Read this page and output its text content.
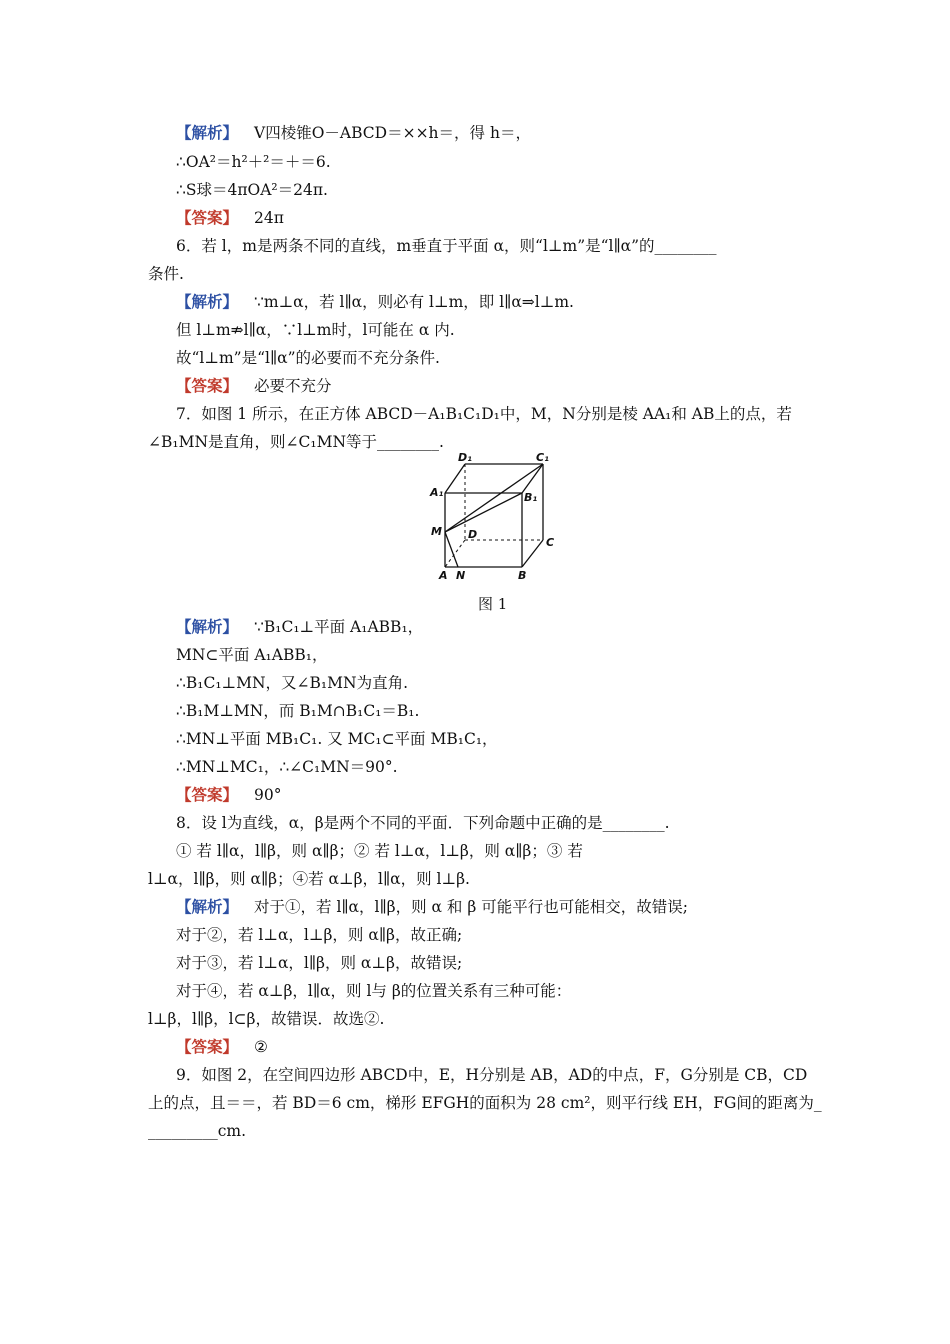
【解析】 V四棱锥O－ABCD＝××h＝，得 h＝，
∴OA²＝h²＋²＝＋＝6.
∴S球＝4πOA²＝24π.
【答案】 24π
6．若 l，m是两条不同的直线，m垂直于平面 α，则“l⊥m”是“l∥α”的________
条件.
【解析】 ∵m⊥α，若 l∥α，则必有 l⊥m，即 l∥α⇒l⊥m.
但 l⊥m⇏l∥α，∵l⊥m时，l可能在 α 内.
故“l⊥m”是“l∥α”的必要而不充分条件.
【答案】 必要不充分
7．如图 1 所示，在正方体 ABCD－A₁B₁C₁D₁中，M，N分别是棱 AA₁和 AB上的点，若
∠B₁MN是直角，则∠C₁MN等于________.
D₁	C₁
A₁	B₁
M D
C
A N	B
图 1
【解析】 ∵B₁C₁⊥平面 A₁ABB₁，
MN⊂平面 A₁ABB₁，
∴B₁C₁⊥MN，又∠B₁MN为直角.
∴B₁M⊥MN，而 B₁M∩B₁C₁＝B₁.
∴MN⊥平面 MB₁C₁. 又 MC₁⊂平面 MB₁C₁，
∴MN⊥MC₁，∴∠C₁MN＝90°.
【答案】 90°
8．设 l为直线，α，β是两个不同的平面．下列命题中正确的是________.
① 若 l∥α，l∥β，则 α∥β；② 若 l⊥α，l⊥β，则 α∥β；③ 若
l⊥α，l∥β，则 α∥β；④若 α⊥β，l∥α，则 l⊥β.
【解析】 对于①，若 l∥α，l∥β，则 α 和 β 可能平行也可能相交，故错误;
对于②，若 l⊥α，l⊥β，则 α∥β，故正确;
对于③，若 l⊥α，l∥β，则 α⊥β，故错误;
对于④，若 α⊥β，l∥α，则 l与 β的位置关系有三种可能：
l⊥β，l∥β，l⊂β，故错误．故选②.
【答案】 ②
9．如图 2，在空间四边形 ABCD中，E，H分别是 AB，AD的中点，F，G分别是 CB，CD
上的点，且＝＝，若 BD＝6 cm，梯形 EFGH的面积为 28 cm²，则平行线 EH，FG间的距离为_
_________cm.
